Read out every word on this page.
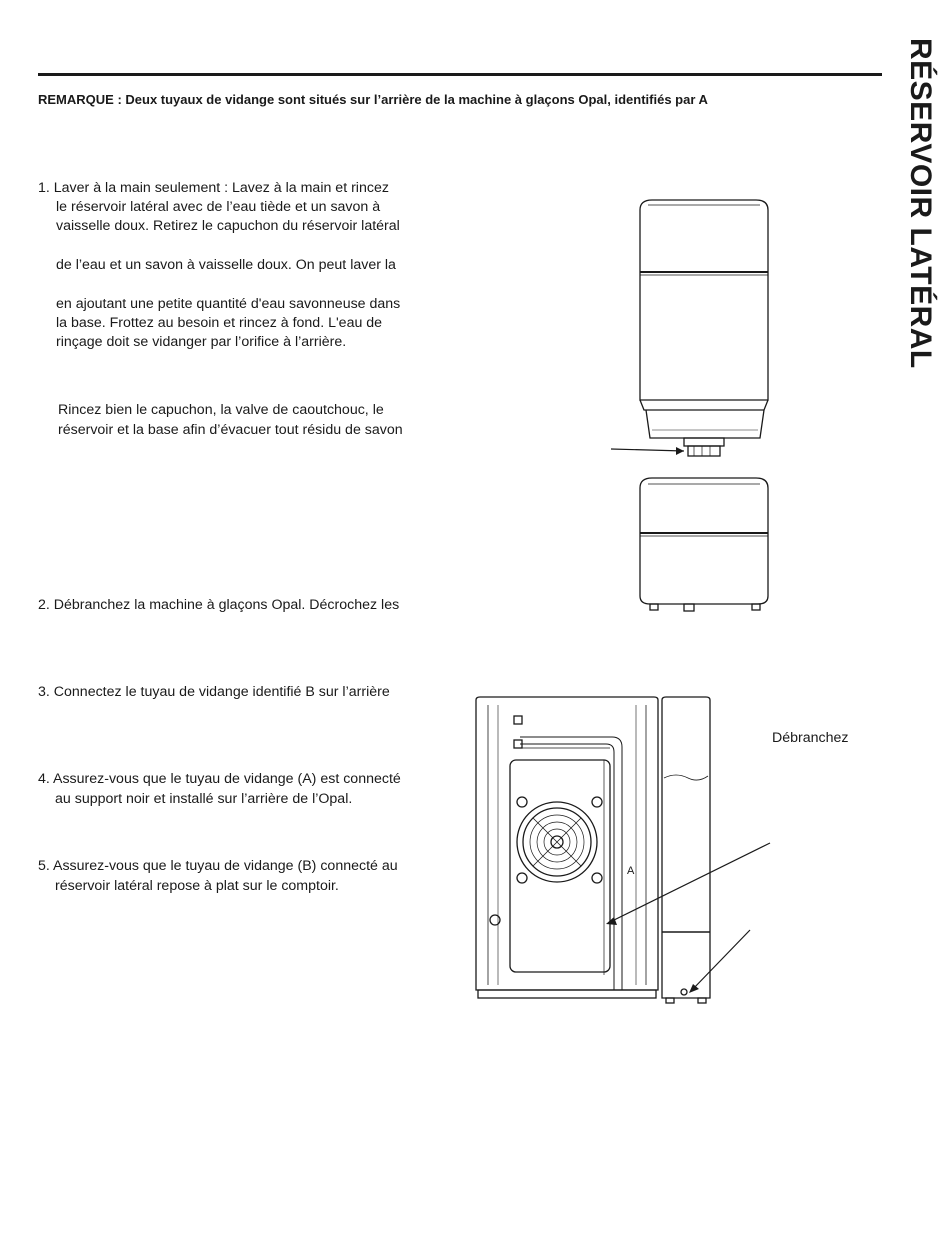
REMARQUE : Deux tuyaux de vidange sont situés sur l’arrière de la machine à glaçons Opal, identifiés par A	RÉSERVOIR LATÉRAL
1. Laver à la main seulement : Lavez à la main et rincez
le réservoir latéral avec de l’eau tiède et un savon à
vaisselle doux. Retirez le capuchon du réservoir latéral
de l’eau et un savon à vaisselle doux. On peut laver la
en ajoutant une petite quantité d'eau savonneuse dans
la base. Frottez au besoin et rincez à fond. L'eau de
rinçage doit se vidanger par l’orifice à l’arrière.
Rincez bien le capuchon, la valve de caoutchouc, le
réservoir et la base afin d’évacuer tout résidu de savon
2. Débranchez la machine à glaçons Opal. Décrochez les
3. Connectez le tuyau de vidange identifié B sur l’arrière
4. Assurez-vous que le tuyau de vidange (A) est connecté
au support noir et installé sur l’arrière de l’Opal.
5. Assurez-vous que le tuyau de vidange (B) connecté au
réservoir latéral repose à plat sur le comptoir.
A
Débranchez
